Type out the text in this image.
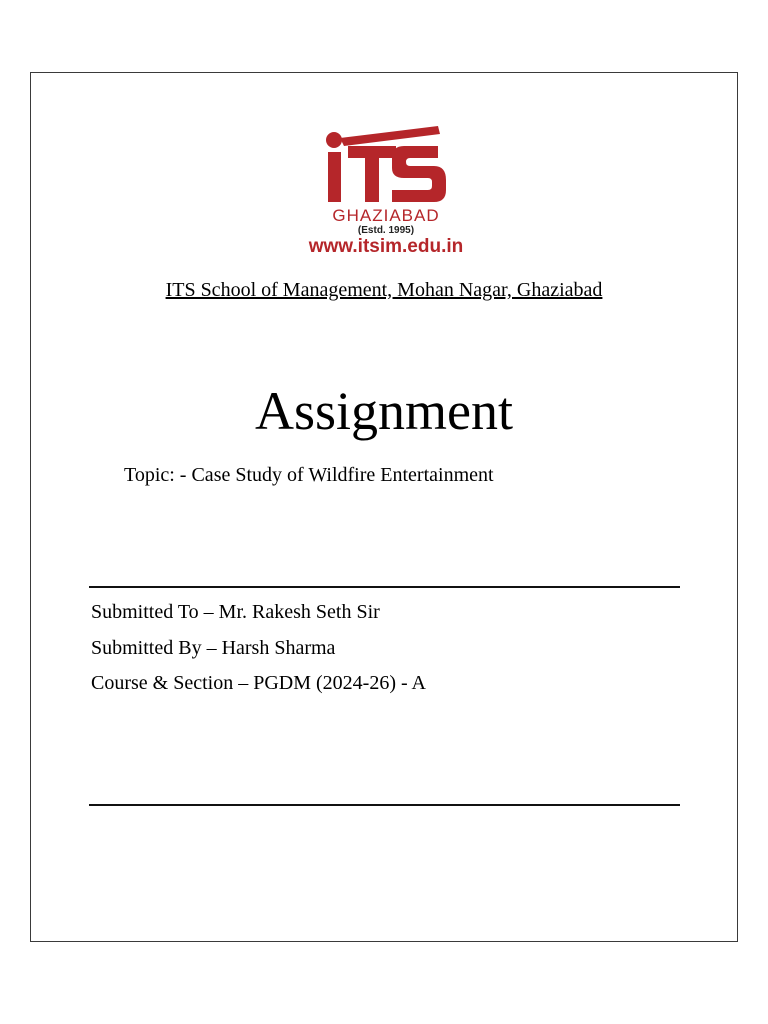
GHAZIABAD
(Estd. 1995)
www.itsim.edu.in
ITS School of Management, Mohan Nagar, Ghaziabad
Assignment
Topic: - Case Study of Wildfire Entertainment
Submitted To – Mr. Rakesh Seth Sir
Submitted By – Harsh Sharma
Course & Section – PGDM (2024-26) - A
